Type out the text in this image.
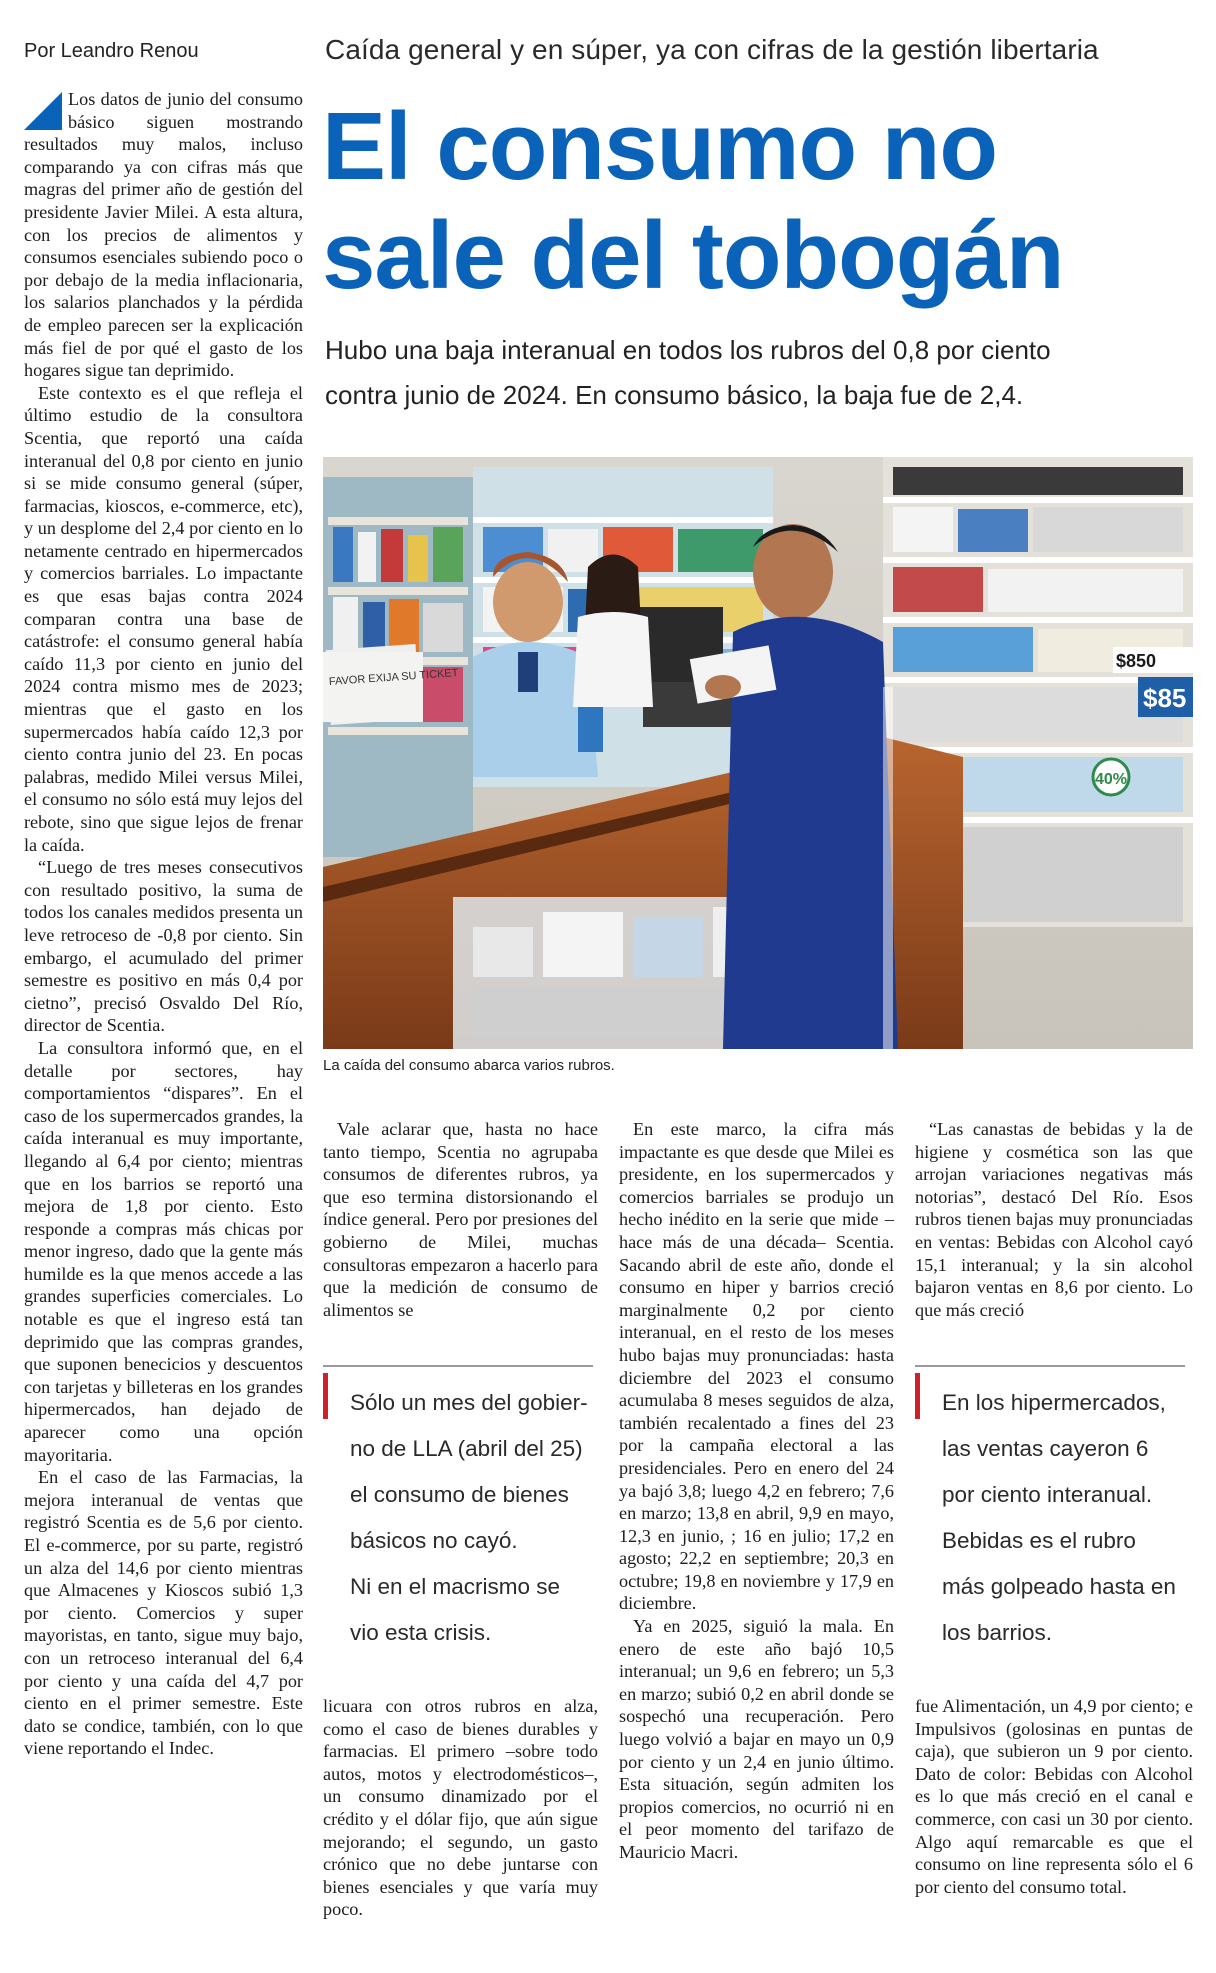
Por Leandro Renou	Caída general y en súper, ya con cifras de la gestión libertaria
El consumo no
sale del tobogán
Hubo una baja interanual en todos los rubros del 0,8 por ciento
contra junio de 2024. En consumo básico, la baja fue de 2,4.

Los datos de junio del consumo básico siguen mostrando resultados muy malos, incluso comparando ya con cifras más que magras del primer año de gestión del presidente Javier Milei. A esta altura, con los precios de alimentos y consumos esenciales subiendo poco o por debajo de la media inflacionaria, los salarios planchados y la pérdida de empleo parecen ser la explicación más fiel de por qué el gasto de los hogares sigue tan deprimido.

Este contexto es el que refleja el último estudio de la consultora Scentia, que reportó una caída interanual del 0,8 por ciento en junio si se mide consumo general (súper, farmacias, kioscos, e-commerce, etc), y un desplome del 2,4 por ciento en lo netamente centrado en hipermercados y comercios barriales. Lo impactante es que esas bajas contra 2024 comparan contra una base de catástrofe: el consumo general había caído 11,3 por ciento en junio del 2024 contra mismo mes de 2023; mientras que el gasto en los supermercados había caído 12,3 por ciento contra junio del 23. En pocas palabras, medido Milei versus Milei, el consumo no sólo está muy lejos del rebote, sino que sigue lejos de frenar la caída.

“Luego de tres meses consecutivos con resultado positivo, la suma de todos los canales medidos presenta un leve retroceso de -0,8 por ciento. Sin embargo, el acumulado del primer semestre es positivo en más 0,4 por cietno”, precisó Osvaldo Del Río, director de Scentia.

La consultora informó que, en el detalle por sectores, hay comportamientos “dispares”. En el caso de los supermercados grandes, la caída interanual es muy importante, llegando al 6,4 por ciento; mientras que en los barrios se reportó una mejora de 1,8 por ciento. Esto responde a compras más chicas por menor ingreso, dado que la gente más humilde es la que menos accede a las grandes superficies comerciales. Lo notable es que el ingreso está tan deprimido que las compras grandes, que suponen benecicios y descuentos con tarjetas y billeteras en los grandes hipermercados, han dejado de aparecer como una opción mayoritaria.

En el caso de las Farmacias, la mejora interanual de ventas que registró Scentia es de 5,6 por ciento. El e-commerce, por su parte, registró un alza del 14,6 por ciento mientras que Almacenes y Kioscos subió 1,3 por ciento. Comercios y super mayoristas, en tanto, sigue muy bajo, con un retroceso interanual del 6,4 por ciento y una caída del 4,7 por ciento en el primer semestre. Este dato se condice, también, con lo que viene reportando el Indec.

$850
$85
40%
FAVOR EXIJA SU TICKET
La caída del consumo abarca varios rubros.

Vale aclarar que, hasta no hace tanto tiempo, Scentia no agrupaba consumos de diferentes rubros, ya que eso termina distorsionando el índice general. Pero por presiones del gobierno de Milei, muchas consultoras empezaron a hacerlo para que la medición de consumo de alimentos se

Sólo un mes del gobier-
no de LLA (abril del 25)
el consumo de bienes
básicos no cayó.
Ni en el macrismo se
vio esta crisis.

licuara con otros rubros en alza, como el caso de bienes durables y farmacias. El primero –sobre todo autos, motos y electrodomésticos–, un consumo dinamizado por el crédito y el dólar fijo, que aún sigue mejorando; el segundo, un gasto crónico que no debe juntarse con bienes esenciales y que varía muy poco.

En este marco, la cifra más impactante es que desde que Milei es presidente, en los supermercados y comercios barriales se produjo un hecho inédito en la serie que mide –hace más de una década– Scentia. Sacando abril de este año, donde el consumo en hiper y barrios creció marginalmente 0,2 por ciento interanual, en el resto de los meses hubo bajas muy pronunciadas: hasta diciembre del 2023 el consumo acumulaba 8 meses seguidos de alza, también recalentado a fines del 23 por la campaña electoral a las presidenciales. Pero en enero del 24 ya bajó 3,8; luego 4,2 en febrero; 7,6 en marzo; 13,8 en abril, 9,9 en mayo, 12,3 en junio, ; 16 en julio; 17,2 en agosto; 22,2 en septiembre; 20,3 en octubre; 19,8 en noviembre y 17,9 en diciembre.

Ya en 2025, siguió la mala. En enero de este año bajó 10,5 interanual; un 9,6 en febrero; un 5,3 en marzo; subió 0,2 en abril donde se sospechó una recuperación. Pero luego volvió a bajar en mayo un 0,9 por ciento y un 2,4 en junio último. Esta situación, según admiten los propios comercios, no ocurrió ni en el peor momento del tarifazo de Mauricio Macri.

“Las canastas de bebidas y la de higiene y cosmética son las que arrojan variaciones negativas más notorias”, destacó Del Río. Esos rubros tienen bajas muy pronunciadas en ventas: Bebidas con Alcohol cayó 15,1 interanual; y la sin alcohol bajaron ventas en 8,6 por ciento. Lo que más creció

En los hipermercados,
las ventas cayeron 6
por ciento interanual.
Bebidas es el rubro
más golpeado hasta en
los barrios.

fue Alimentación, un 4,9 por ciento; e Impulsivos (golosinas en puntas de caja), que subieron un 9 por ciento. Dato de color: Bebidas con Alcohol es lo que más creció en el canal e commerce, con casi un 30 por ciento. Algo aquí remarcable es que el consumo on line representa sólo el 6 por ciento del consumo total.
